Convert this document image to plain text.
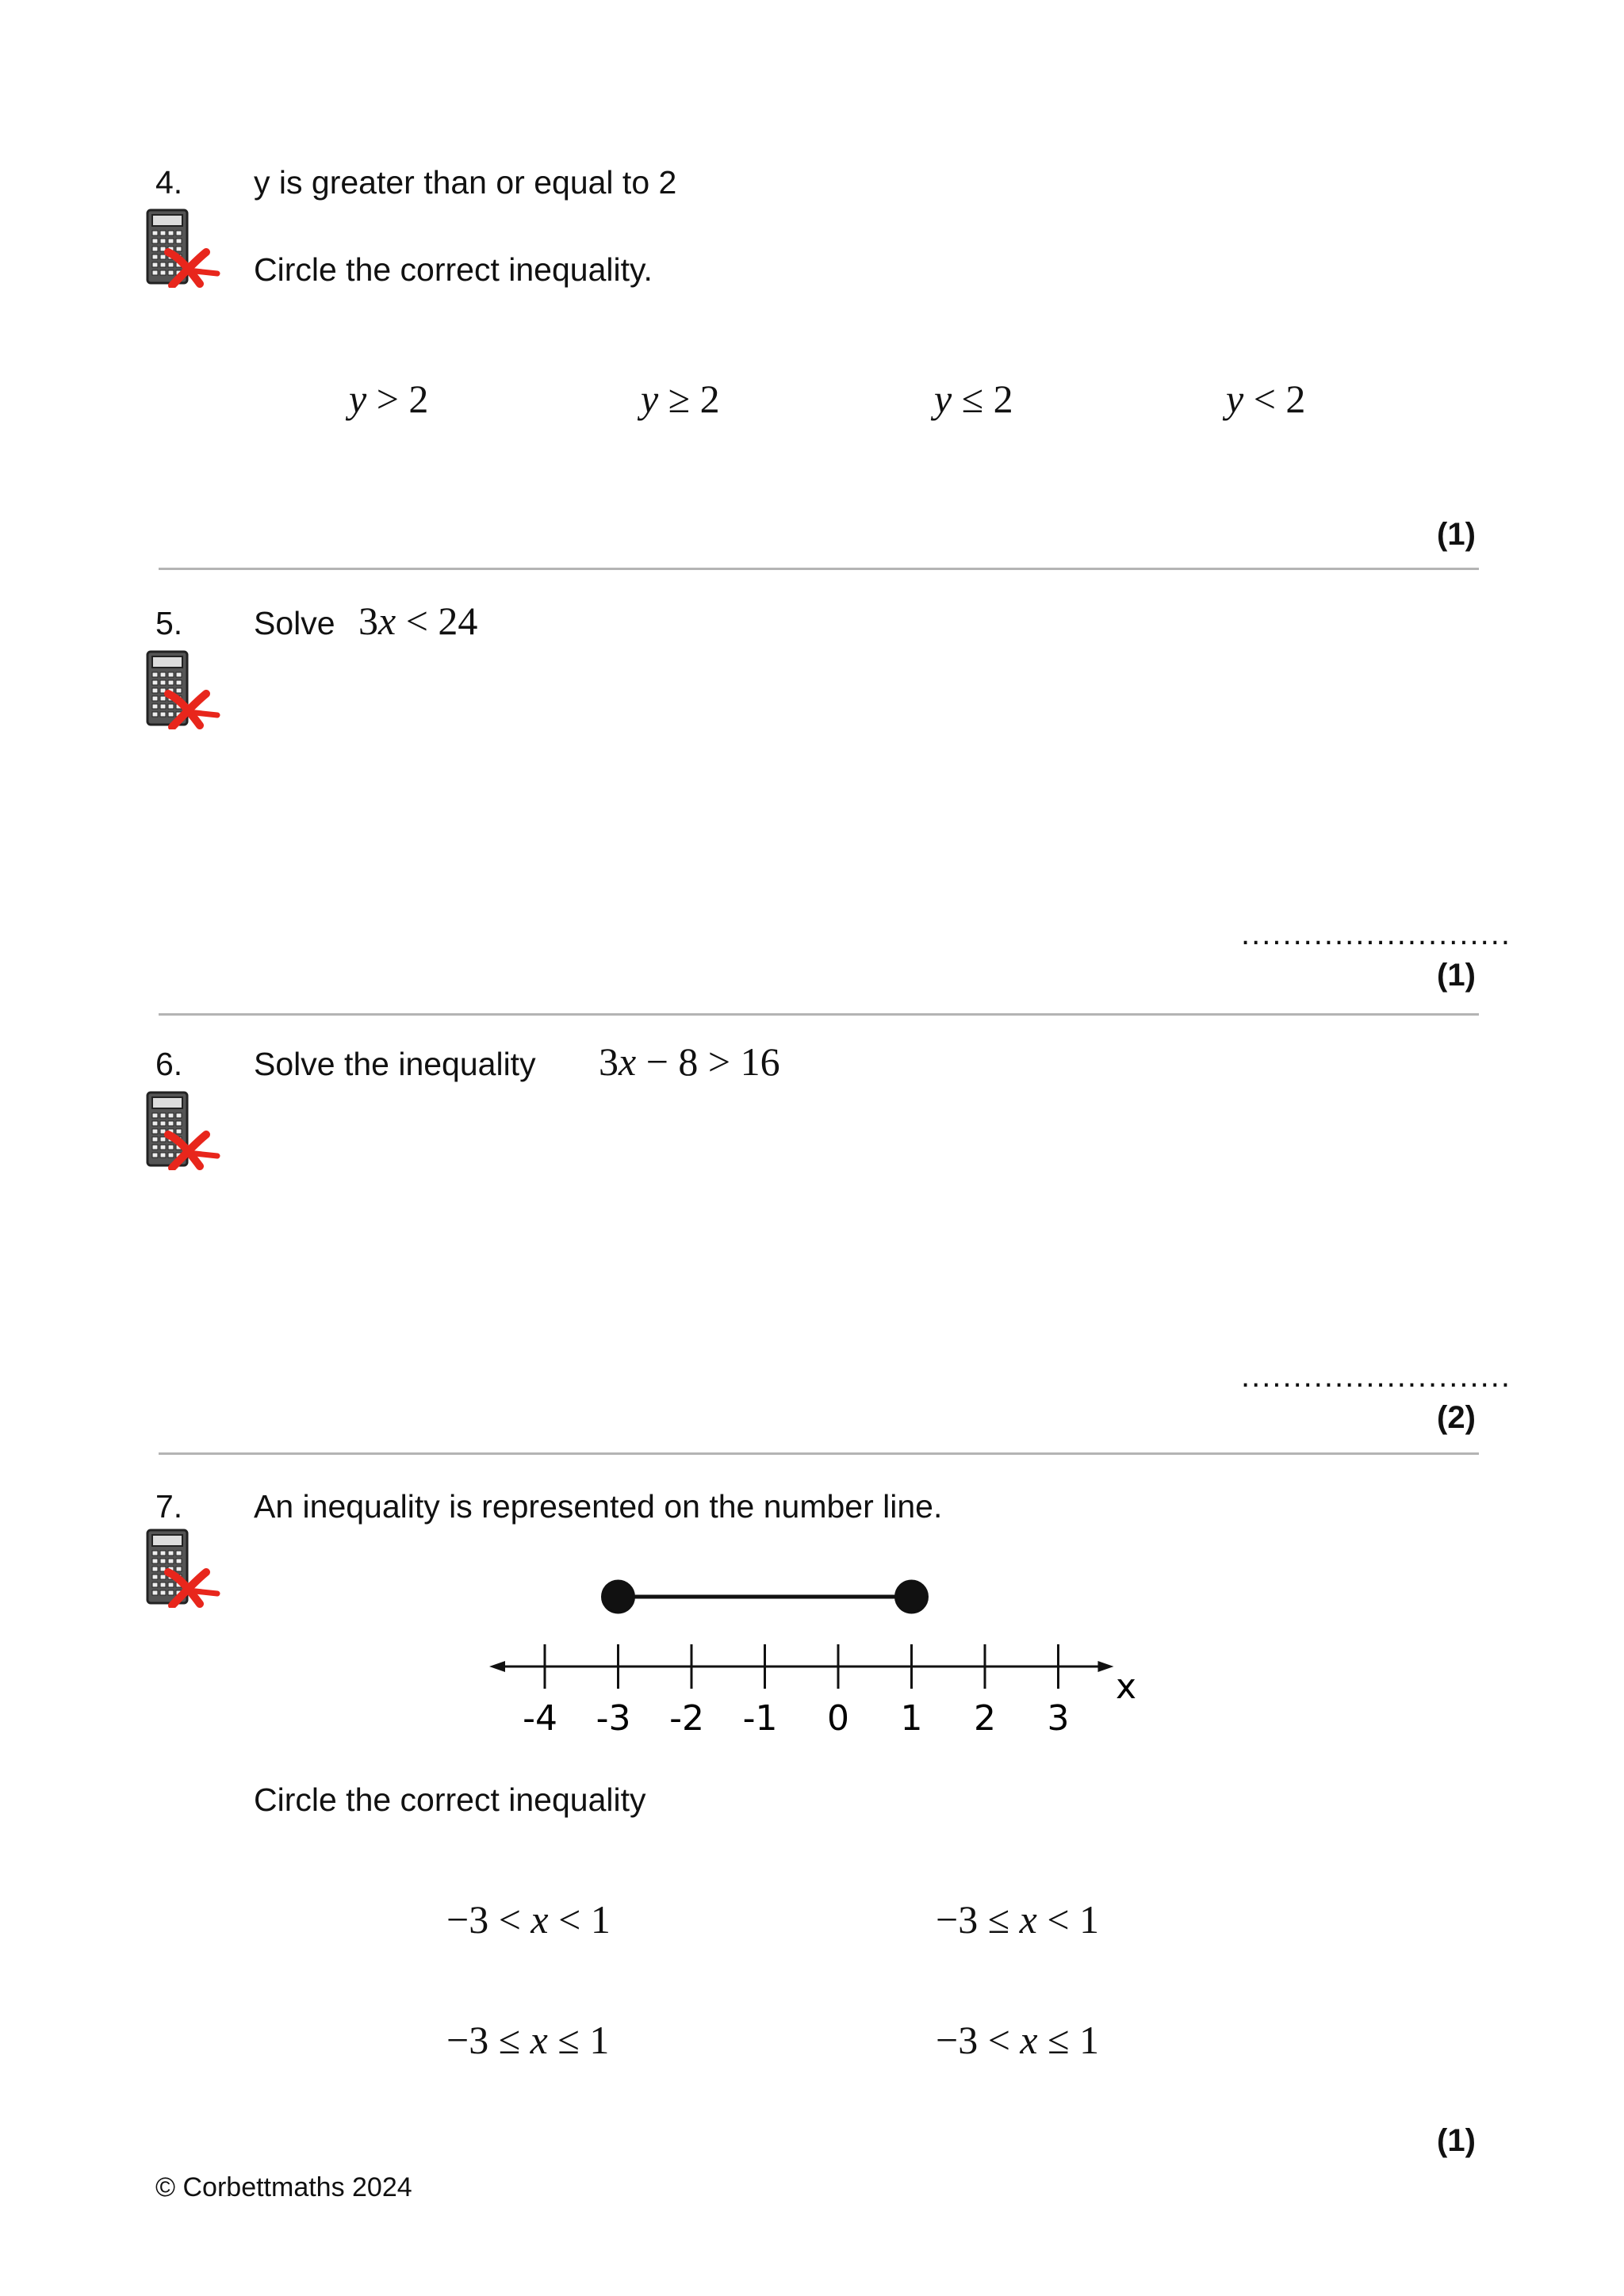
4. y is greater than or equal to 2
Circle the correct inequality.
y > 2	y ≥ 2	y ≤ 2	y < 2
(1)
5. Solve 3x < 24
..........................
(1)
6. Solve the inequality 3x − 8 > 16
..........................
(2)
7. An inequality is represented on the number line.
-4 -3 -2 -1 0 1 2 3
x
Circle the correct inequality
−3 < x < 1	−3 ≤ x < 1
−3 ≤ x ≤ 1	−3 < x ≤ 1
(1)
© Corbettmaths 2024
